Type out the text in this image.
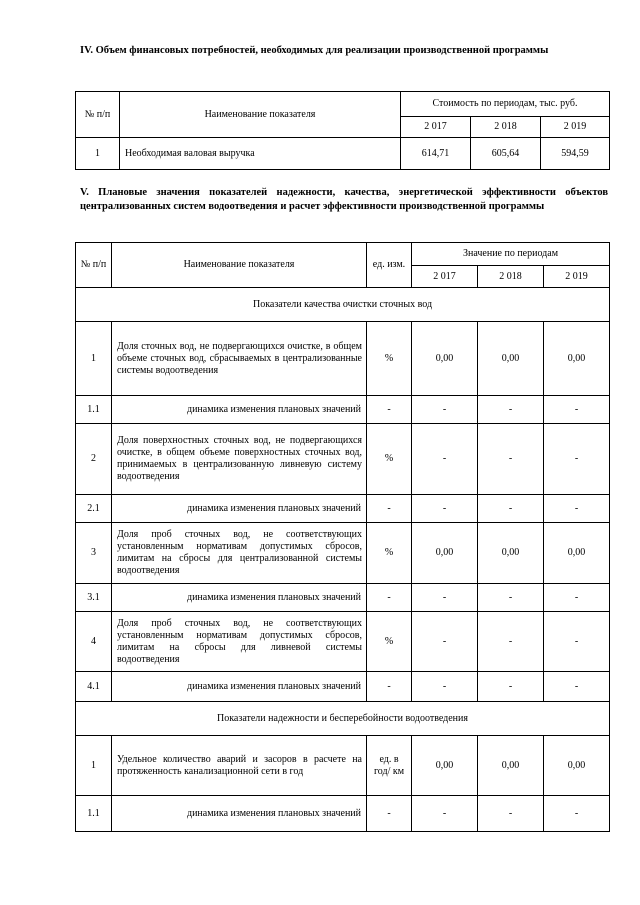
IV. Объем финансовых потребностей, необходимых для реализации производственной программы

№ п/п	Наименование показателя	Стоимость по периодам, тыс. руб.		
		2 017	2 018	2 019
1	Необходимая валовая выручка	614,71	605,64	594,59

V. Плановые значения показателей надежности, качества, энергетической эффективности объектов централизованных систем водоотведения и расчет эффективности производственной программы

№ п/п	Наименование показателя	ед. изм.	Значение по периодам		
			2 017	2 018	2 019
Показатели качества очистки сточных вод					
1	Доля сточных вод, не подвергающихся очистке, в общем объеме сточных вод, сбрасываемых в централизованные системы водоотведения	%	0,00	0,00	0,00
1.1	динамика изменения плановых значений	-	-	-	-
2	Доля поверхностных сточных вод, не подвергающихся очистке, в общем объеме поверхностных сточных вод, принимаемых в централизованную ливневую систему водоотведения	%	-	-	-
2.1	динамика изменения плановых значений	-	-	-	-
3	Доля проб сточных вод, не соответствующих установленным нормативам допустимых сбросов, лимитам на сбросы для централизованной системы водоотведения	%	0,00	0,00	0,00
3.1	динамика изменения плановых значений	-	-	-	-
4	Доля проб сточных вод, не соответствующих установленным нормативам допустимых сбросов, лимитам на сбросы для ливневой системы водоотведения	%	-	-	-
4.1	динамика изменения плановых значений	-	-	-	-
Показатели надежности и бесперебойности водоотведения					
1	Удельное количество аварий и засоров в расчете на протяженность канализационной сети в год	ед. в год/ км	0,00	0,00	0,00
1.1	динамика изменения плановых значений	-	-	-	-
